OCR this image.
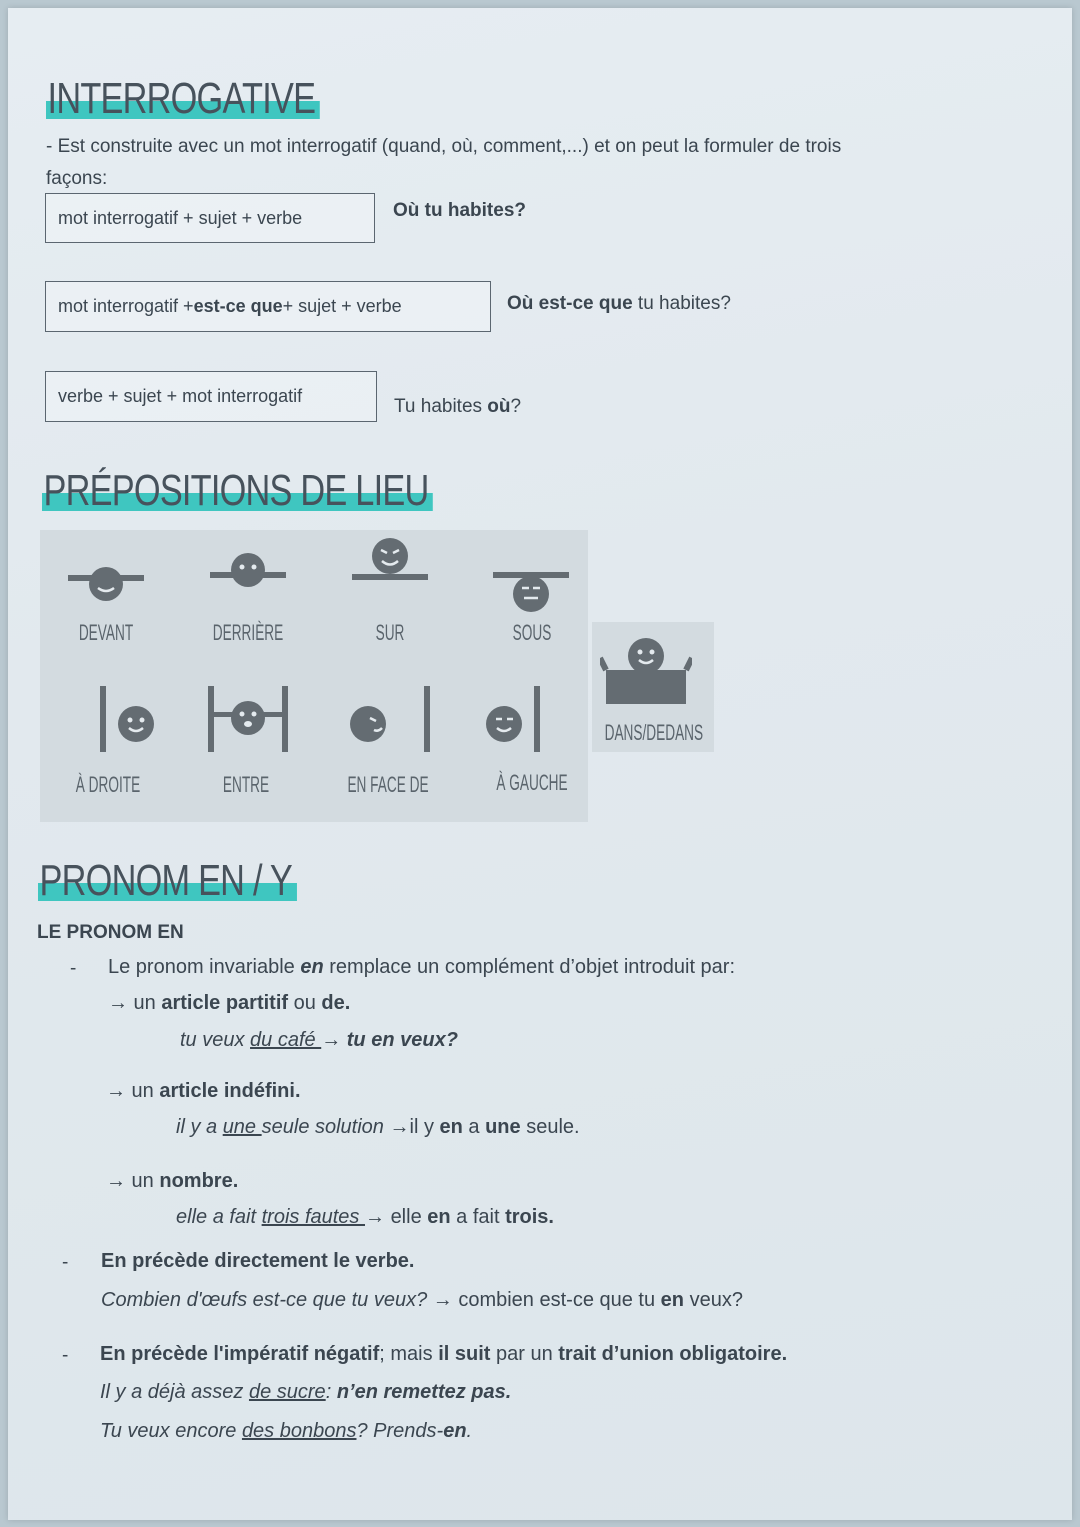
INTERROGATIVE
- Est construite avec un mot interrogatif (quand, où, comment,...) et on peut la formuler de trois
façons:
mot interrogatif + sujet + verbe	Où tu habites?
mot interrogatif + est-ce que + sujet + verbe	Où est-ce que tu habites?
verbe + sujet + mot interrogatif	Tu habites où?
PRÉPOSITIONS DE LIEU
DEVANT	DERRIÈRE	SUR	SOUS
À DROITE	ENTRE	EN FACE DE	À GAUCHE
DANS/DEDANS
PRONOM EN / Y
LE PRONOM EN
- Le pronom invariable en remplace un complément d’objet introduit par:
→ un article partitif ou de.
tu veux du café → tu en veux?
→ un article indéfini.
il y a une seule solution →il y en a une seule.
→ un nombre.
elle a fait trois fautes → elle en a fait trois.
- En précède directement le verbe.
Combien d'œufs est-ce que tu veux? → combien est-ce que tu en veux?
- En précède l'impératif négatif; mais il suit par un trait d’union obligatoire.
Il y a déjà assez de sucre: n’en remettez pas.
Tu veux encore des bonbons? Prends-en.
